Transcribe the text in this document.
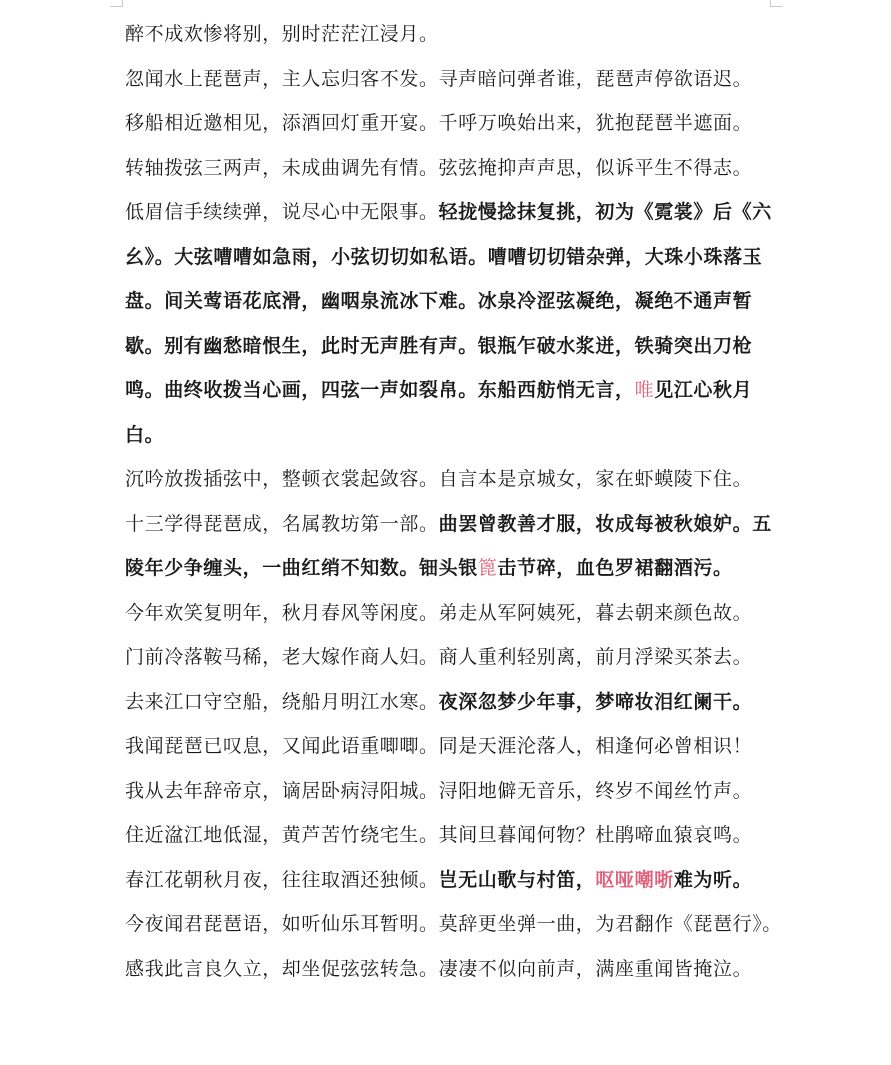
醉不成欢惨将别，别时茫茫江浸月。

忽闻水上琵琶声，主人忘归客不发。寻声暗问弹者谁，琵琶声停欲语迟。

移船相近邀相见，添酒回灯重开宴。千呼万唤始出来，犹抱琵琶半遮面。

转轴拨弦三两声，未成曲调先有情。弦弦掩抑声声思，似诉平生不得志。

低眉信手续续弹，说尽心中无限事。轻拢慢捻抹复挑，初为《霓裳》后《六幺》。大弦嘈嘈如急雨，小弦切切如私语。嘈嘈切切错杂弹，大珠小珠落玉盘。间关莺语花底滑，幽咽泉流冰下难。冰泉冷涩弦凝绝，凝绝不通声暂歇。别有幽愁暗恨生，此时无声胜有声。银瓶乍破水浆迸，铁骑突出刀枪鸣。曲终收拨当心画，四弦一声如裂帛。东船西舫悄无言，唯见江心秋月白。

沉吟放拨插弦中，整顿衣裳起敛容。自言本是京城女，家在虾蟆陵下住。

十三学得琵琶成，名属教坊第一部。曲罢曾教善才服，妆成每被秋娘妒。五陵年少争缠头，一曲红绡不知数。钿头银篦击节碎，血色罗裙翻酒污。

今年欢笑复明年，秋月春风等闲度。弟走从军阿姨死，暮去朝来颜色故。

门前冷落鞍马稀，老大嫁作商人妇。商人重利轻别离，前月浮梁买茶去。

去来江口守空船，绕船月明江水寒。夜深忽梦少年事，梦啼妆泪红阑干。

我闻琵琶已叹息，又闻此语重唧唧。同是天涯沦落人，相逢何必曾相识！

我从去年辞帝京，谪居卧病浔阳城。浔阳地僻无音乐，终岁不闻丝竹声。

住近湓江地低湿，黄芦苦竹绕宅生。其间旦暮闻何物？杜鹃啼血猿哀鸣。

春江花朝秋月夜，往往取酒还独倾。岂无山歌与村笛，呕哑嘲哳难为听。

今夜闻君琵琶语，如听仙乐耳暂明。莫辞更坐弹一曲，为君翻作《琵琶行》。

感我此言良久立，却坐促弦弦转急。凄凄不似向前声，满座重闻皆掩泣。
